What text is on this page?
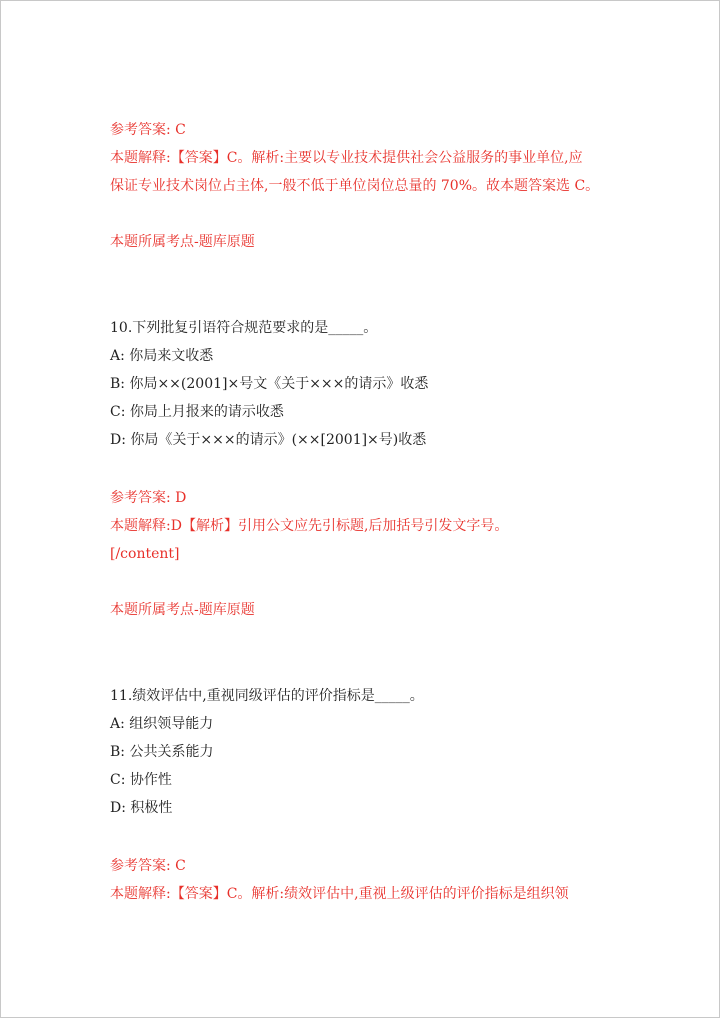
参考答案: C
本题解释:【答案】C。解析:主要以专业技术提供社会公益服务的事业单位,应
保证专业技术岗位占主体,一般不低于单位岗位总量的 70%。故本题答案选 C。
本题所属考点-题库原题
10.下列批复引语符合规范要求的是_____。
A: 你局来文收悉
B: 你局××(2001]×号文《关于×××的请示》收悉
C: 你局上月报来的请示收悉
D: 你局《关于×××的请示》(××[2001]×号)收悉
参考答案: D
本题解释:D【解析】引用公文应先引标题,后加括号引发文字号。
[/content]
本题所属考点-题库原题
11.绩效评估中,重视同级评估的评价指标是_____。
A: 组织领导能力
B: 公共关系能力
C: 协作性
D: 积极性
参考答案: C
本题解释:【答案】C。解析:绩效评估中,重视上级评估的评价指标是组织领
